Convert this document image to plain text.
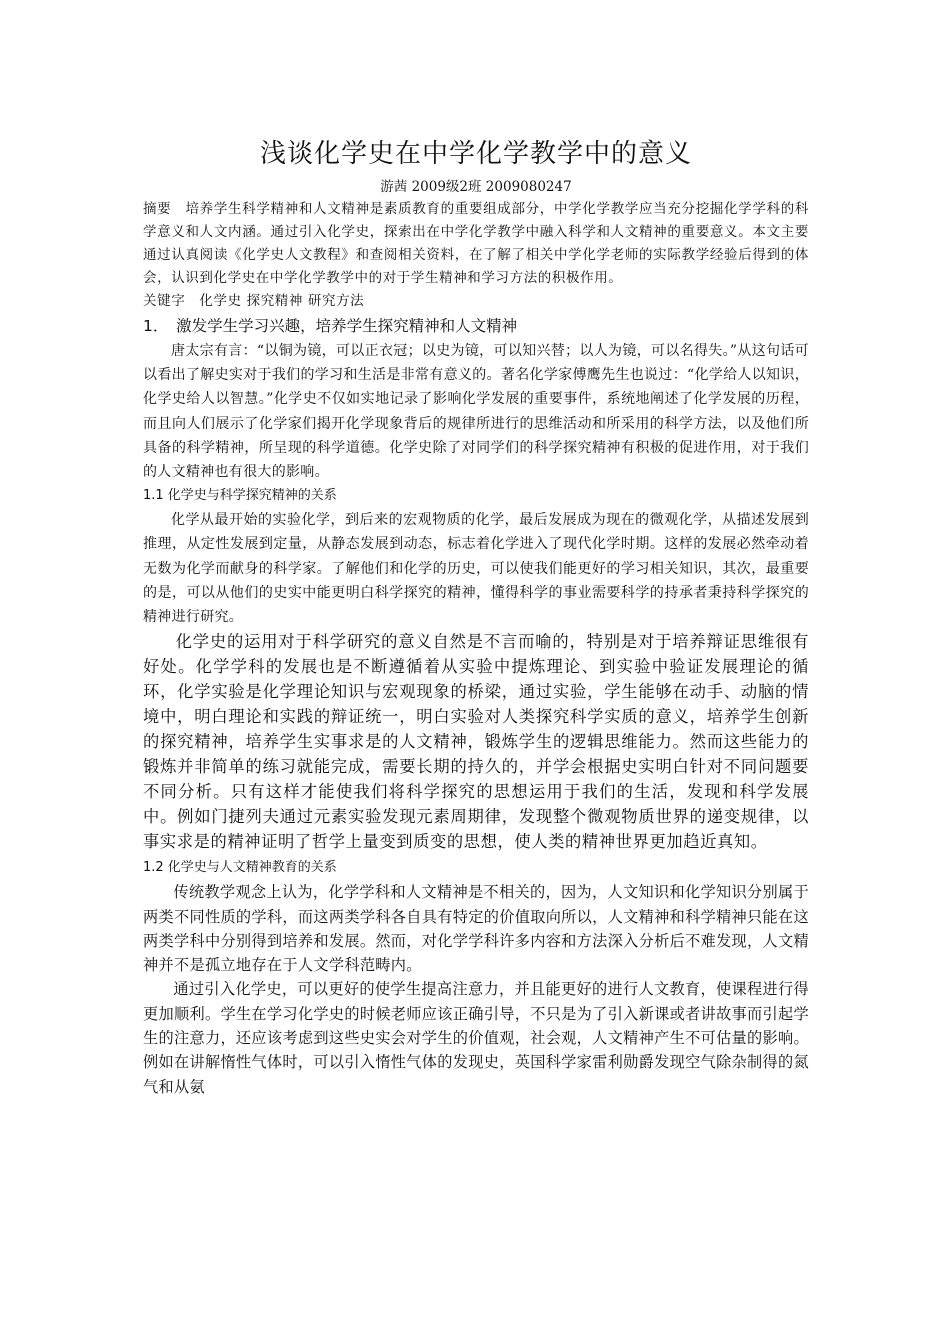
浅谈化学史在中学化学教学中的意义
游茜 2009级2班 2009080247

摘要　培养学生科学精神和人文精神是素质教育的重要组成部分，中学化学教学应当充分挖掘化学学科的科学意义和人文内涵。通过引入化学史，探索出在中学化学教学中融入科学和人文精神的重要意义。本文主要通过认真阅读《化学史人文教程》和查阅相关资料，在了解了相关中学化学老师的实际教学经验后得到的体会，认识到化学史在中学化学教学中的对于学生精神和学习方法的积极作用。

关键字　化学史 探究精神 研究方法

1．　激发学生学习兴趣，培养学生探究精神和人文精神

唐太宗有言：“以铜为镜，可以正衣冠；以史为镜，可以知兴替；以人为镜，可以名得失。”从这句话可以看出了解史实对于我们的学习和生活是非常有意义的。著名化学家傅鹰先生也说过：“化学给人以知识，化学史给人以智慧。”化学史不仅如实地记录了影响化学发展的重要事件，系统地阐述了化学发展的历程，而且向人们展示了化学家们揭开化学现象背后的规律所进行的思维活动和所采用的科学方法，以及他们所具备的科学精神，所呈现的科学道德。化学史除了对同学们的科学探究精神有积极的促进作用，对于我们的人文精神也有很大的影响。

1.1 化学史与科学探究精神的关系

化学从最开始的实验化学，到后来的宏观物质的化学，最后发展成为现在的微观化学，从描述发展到推理，从定性发展到定量，从静态发展到动态，标志着化学进入了现代化学时期。这样的发展必然牵动着无数为化学而献身的科学家。了解他们和化学的历史，可以使我们能更好的学习相关知识，其次，最重要的是，可以从他们的史实中能更明白科学探究的精神，懂得科学的事业需要科学的持承者秉持科学探究的精神进行研究。

化学史的运用对于科学研究的意义自然是不言而喻的，特别是对于培养辩证思维很有好处。化学学科的发展也是不断遵循着从实验中提炼理论、到实验中验证发展理论的循环，化学实验是化学理论知识与宏观现象的桥梁，通过实验，学生能够在动手、动脑的情境中，明白理论和实践的辩证统一，明白实验对人类探究科学实质的意义，培养学生创新的探究精神，培养学生实事求是的人文精神，锻炼学生的逻辑思维能力。然而这些能力的锻炼并非简单的练习就能完成，需要长期的持久的，并学会根据史实明白针对不同问题要不同分析。只有这样才能使我们将科学探究的思想运用于我们的生活，发现和科学发展中。例如门捷列夫通过元素实验发现元素周期律，发现整个微观物质世界的递变规律，以事实求是的精神证明了哲学上量变到质变的思想，使人类的精神世界更加趋近真知。

1.2 化学史与人文精神教育的关系

传统教学观念上认为，化学学科和人文精神是不相关的，因为，人文知识和化学知识分别属于两类不同性质的学科，而这两类学科各自具有特定的价值取向所以，人文精神和科学精神只能在这两类学科中分别得到培养和发展。然而，对化学学科许多内容和方法深入分析后不难发现，人文精神并不是孤立地存在于人文学科范畴内。

通过引入化学史，可以更好的使学生提高注意力，并且能更好的进行人文教育，使课程进行得更加顺利。学生在学习化学史的时候老师应该正确引导，不只是为了引入新课或者讲故事而引起学生的注意力，还应该考虑到这些史实会对学生的价值观，社会观，人文精神产生不可估量的影响。例如在讲解惰性气体时，可以引入惰性气体的发现史，英国科学家雷利勋爵发现空气除杂制得的氮气和从氨
